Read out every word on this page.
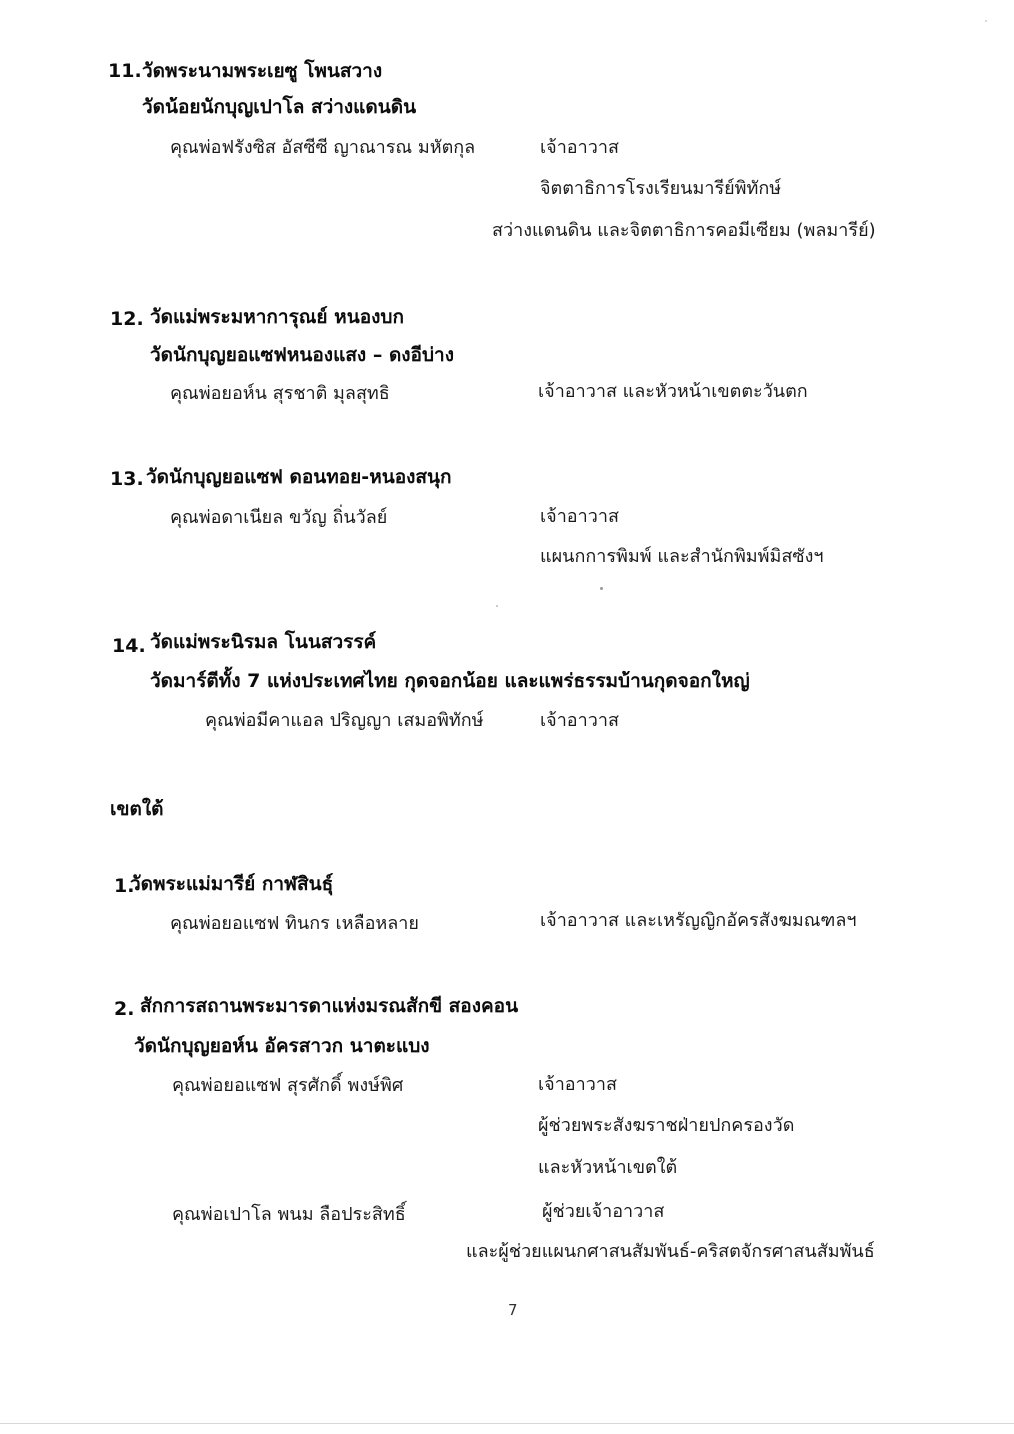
11. วัดพระนามพระเยซู โพนสวาง
วัดน้อยนักบุญเปาโล สว่างแดนดิน
คุณพ่อฟรังซิส อัสซีซี ญาณารณ มหัตกุล	เจ้าอาวาส
จิตตาธิการโรงเรียนมารีย์พิทักษ์
สว่างแดนดิน และจิตตาธิการคอมีเซียม (พลมารีย์)
12. วัดแม่พระมหาการุณย์ หนองบก
วัดนักบุญยอแซฟหนองแสง – ดงอีบ่าง
คุณพ่อยอห์น สุรชาติ มุลสุทธิ	เจ้าอาวาส และหัวหน้าเขตตะวันตก
13. วัดนักบุญยอแซฟ ดอนทอย-หนองสนุก
คุณพ่อดาเนียล ขวัญ ถิ่นวัลย์	เจ้าอาวาส
แผนกการพิมพ์ และสำนักพิมพ์มิสซังฯ
14. วัดแม่พระนิรมล โนนสวรรค์
วัดมาร์ตีทั้ง 7 แห่งประเทศไทย กุดจอกน้อย และแพร่ธรรมบ้านกุดจอกใหญ่
คุณพ่อมีคาแอล ปริญญา เสมอพิทักษ์	เจ้าอาวาส
เขตใต้
1.
วัดพระแม่มารีย์ กาฬสินธุ์
คุณพ่อยอแซฟ ทินกร เหลือหลาย	เจ้าอาวาส และเหรัญญิกอัครสังฆมณฑลฯ
2. สักการสถานพระมารดาแห่งมรณสักขี สองคอน
วัดนักบุญยอห์น อัครสาวก นาตะแบง
คุณพ่อยอแซฟ สุรศักดิ์ พงษ์พิศ	เจ้าอาวาส
ผู้ช่วยพระสังฆราชฝ่ายปกครองวัด
และหัวหน้าเขตใต้
คุณพ่อเปาโล พนม ลือประสิทธิ์	ผู้ช่วยเจ้าอาวาส
และผู้ช่วยแผนกศาสนสัมพันธ์-คริสตจักรศาสนสัมพันธ์
7
